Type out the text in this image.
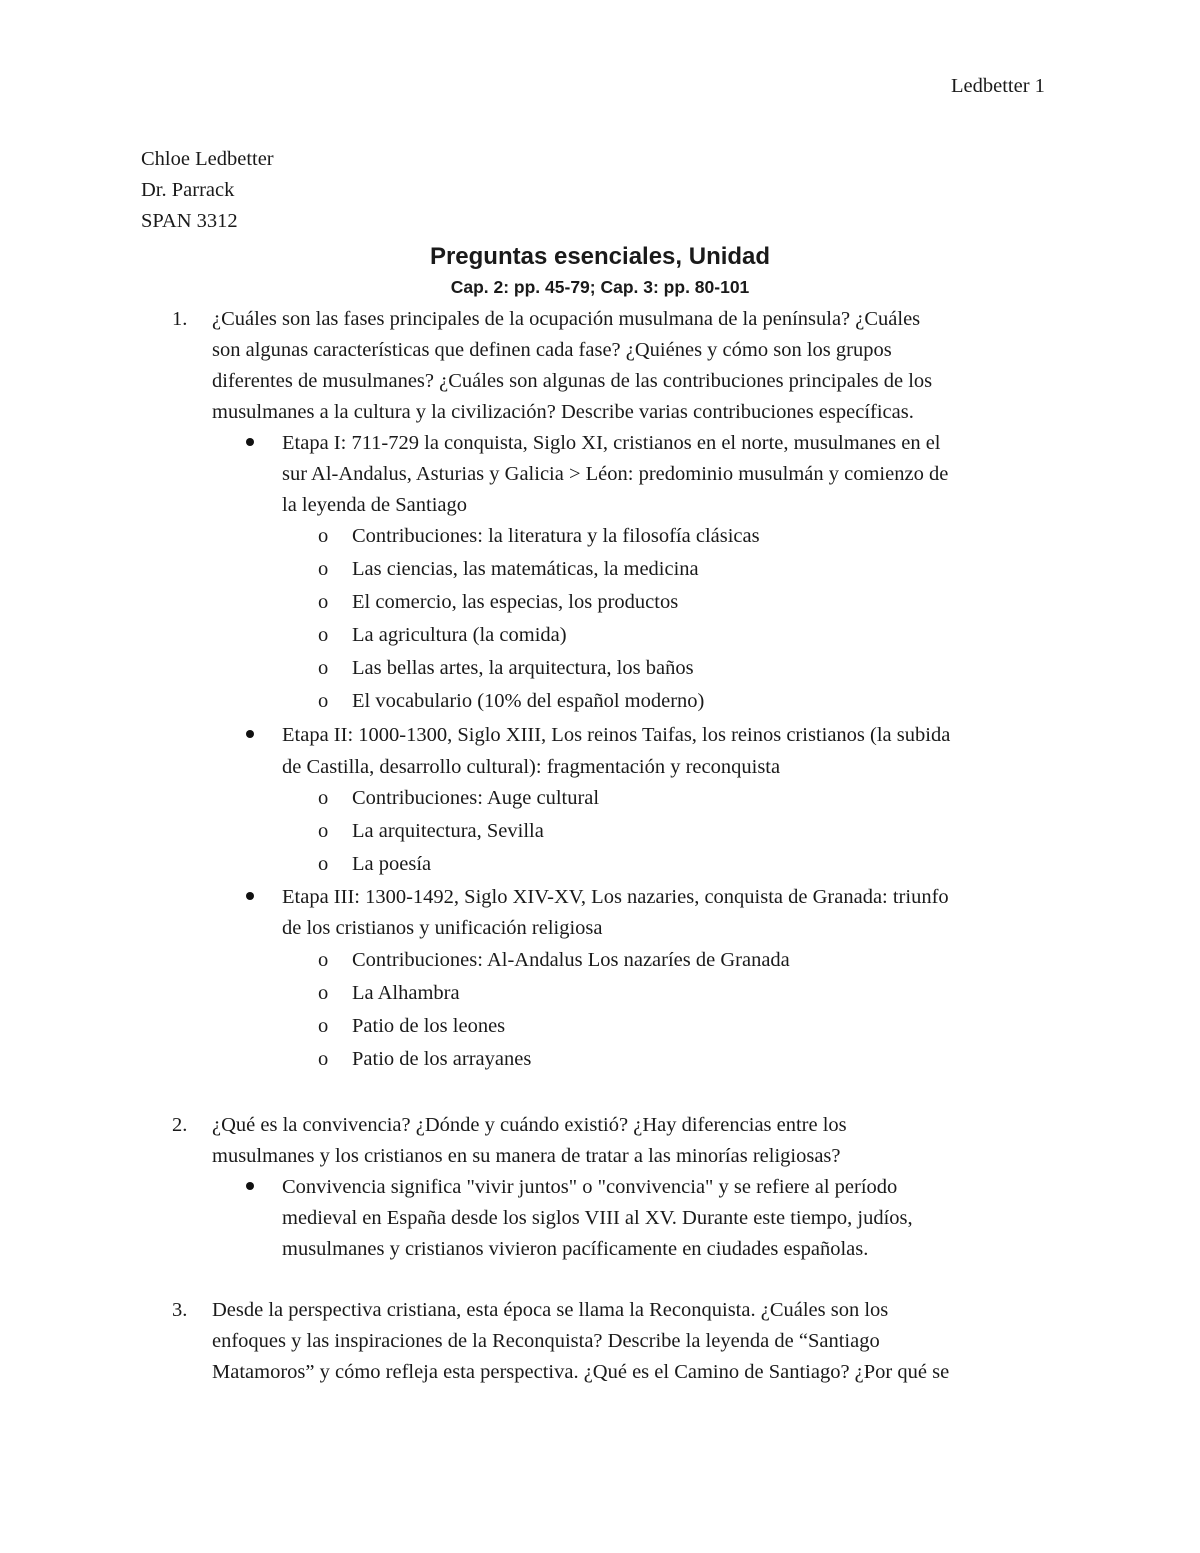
Ledbetter 1
Chloe Ledbetter
Dr. Parrack
SPAN 3312
Preguntas esenciales, Unidad
Cap. 2: pp. 45-79; Cap. 3: pp. 80-101
1. ¿Cuáles son las fases principales de la ocupación musulmana de la península? ¿Cuáles
son algunas características que definen cada fase? ¿Quiénes y cómo son los grupos
diferentes de musulmanes? ¿Cuáles son algunas de las contribuciones principales de los
musulmanes a la cultura y la civilización? Describe varias contribuciones específicas.
Etapa I: 711-729 la conquista, Siglo XI, cristianos en el norte, musulmanes en el
sur Al-Andalus, Asturias y Galicia > Léon: predominio musulmán y comienzo de
la leyenda de Santiago
o Contribuciones: la literatura y la filosofía clásicas
o Las ciencias, las matemáticas, la medicina
o El comercio, las especias, los productos
o La agricultura (la comida)
o Las bellas artes, la arquitectura, los baños
o El vocabulario (10% del español moderno)
Etapa II: 1000-1300, Siglo XIII, Los reinos Taifas, los reinos cristianos (la subida
de Castilla, desarrollo cultural): fragmentación y reconquista
o Contribuciones: Auge cultural
o La arquitectura, Sevilla
o La poesía
Etapa III: 1300-1492, Siglo XIV-XV, Los nazaries, conquista de Granada: triunfo
de los cristianos y unificación religiosa
o Contribuciones: Al-Andalus Los nazaríes de Granada
o La Alhambra
o Patio de los leones
o Patio de los arrayanes
2. ¿Qué es la convivencia? ¿Dónde y cuándo existió? ¿Hay diferencias entre los
musulmanes y los cristianos en su manera de tratar a las minorías religiosas?
Convivencia significa "vivir juntos" o "convivencia" y se refiere al período
medieval en España desde los siglos VIII al XV. Durante este tiempo, judíos,
musulmanes y cristianos vivieron pacíficamente en ciudades españolas.
3. Desde la perspectiva cristiana, esta época se llama la Reconquista. ¿Cuáles son los
enfoques y las inspiraciones de la Reconquista? Describe la leyenda de “Santiago
Matamoros” y cómo refleja esta perspectiva. ¿Qué es el Camino de Santiago? ¿Por qué se
